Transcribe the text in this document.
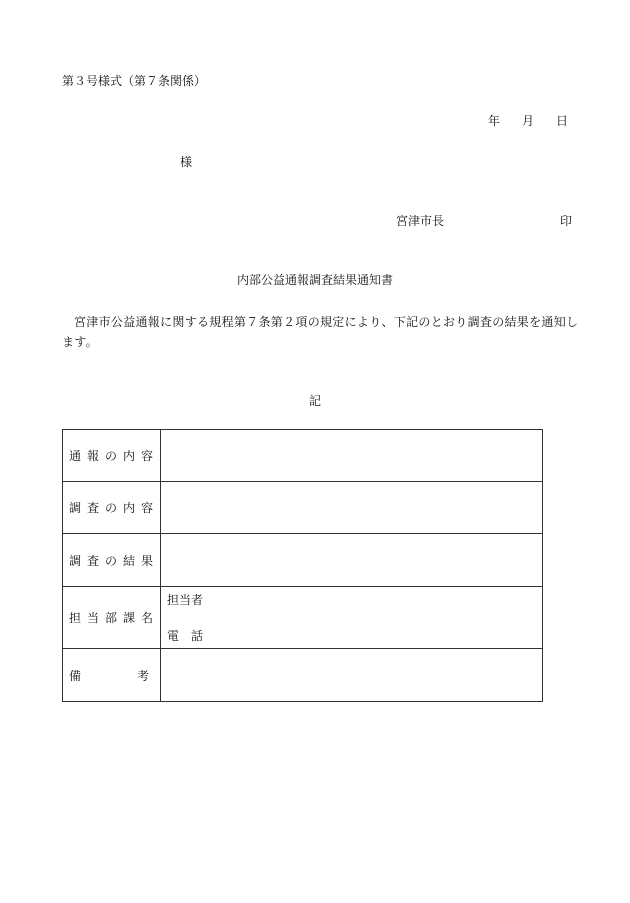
第３号様式（第７条関係）
年 月 日
様
宮津市長	印
内部公益通報調査結果通知書
宮津市公益通報に関する規程第７条第２項の規定により、下記のとおり調査の結果を通知します。
記
通報の内容	
調査の内容	
調査の結果	
担当部課名	担当者
電話

備 考	
